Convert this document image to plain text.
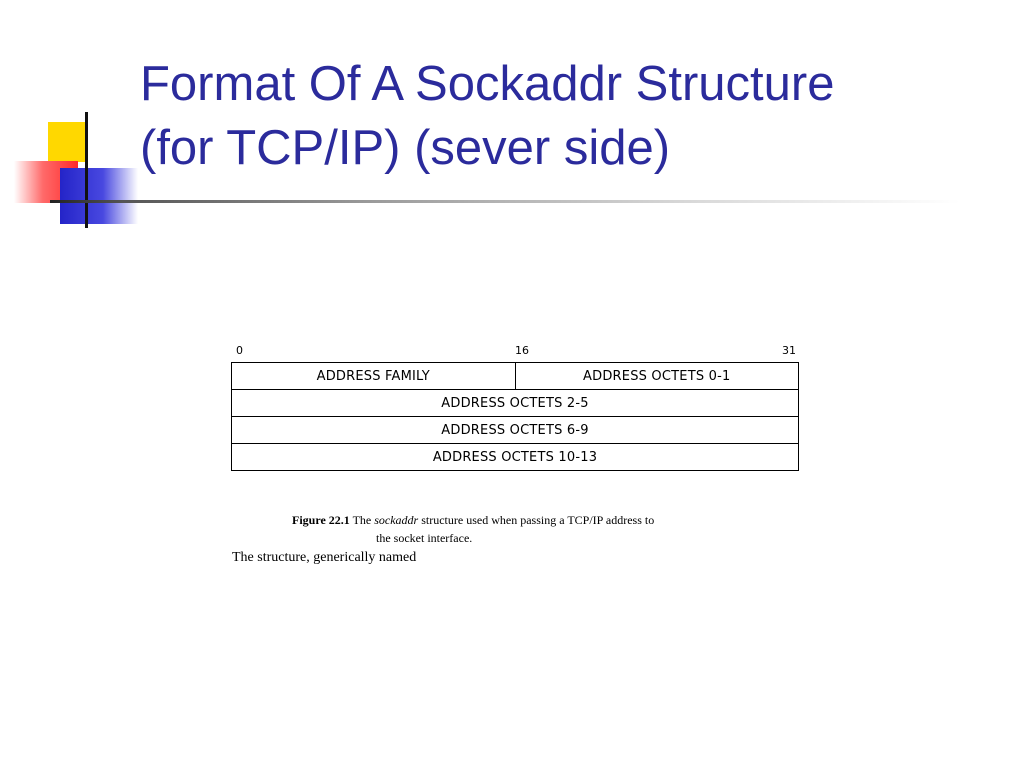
Format Of A Sockaddr Structure
(for TCP/IP) (sever side)
0	16	31
ADDRESS FAMILY	ADDRESS OCTETS 0-1
ADDRESS OCTETS 2-5
ADDRESS OCTETS 6-9
ADDRESS OCTETS 10-13
Figure 22.1 The sockaddr structure used when passing a TCP/IP address to
the socket interface.
The structure, generically named
